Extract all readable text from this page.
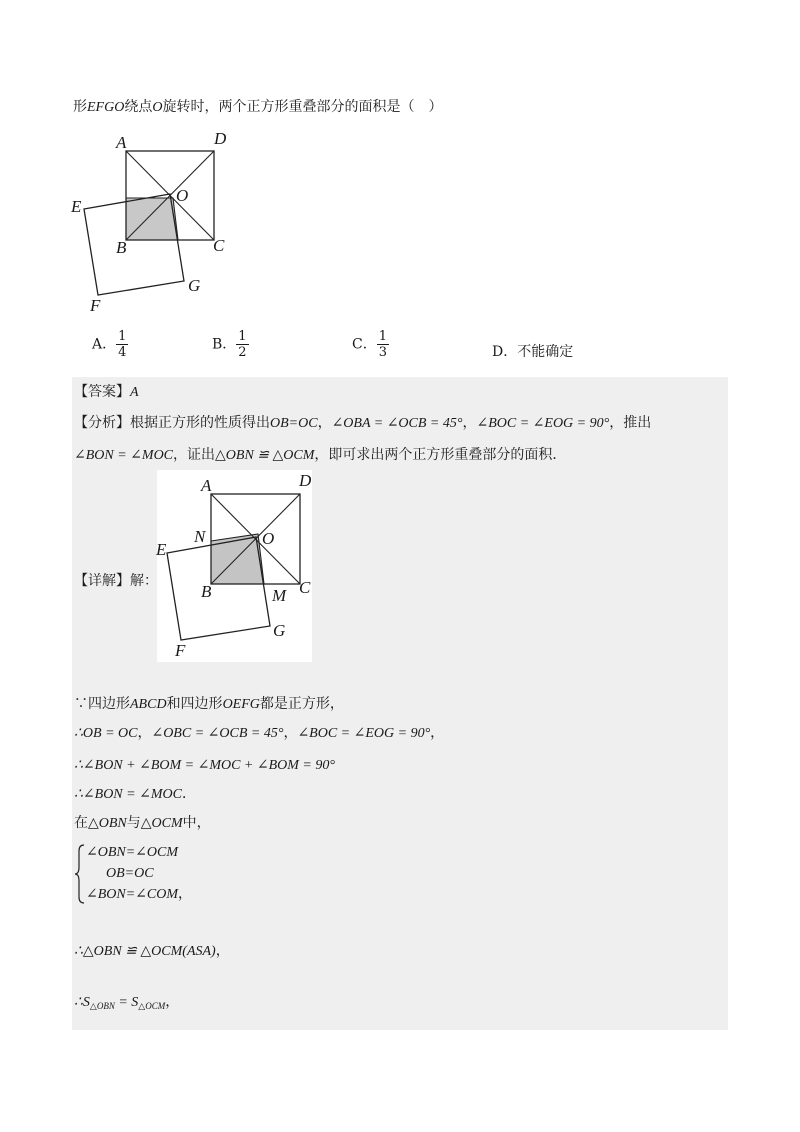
形EFGO绕点O旋转时，两个正方形重叠部分的面积是（　）
A	D
E
O
B	C
F
G
A． $\frac{1}{4}$	B． $\frac{1}{2}$	C． $\frac{1}{3}$	D．不能确定
【答案】A
【分析】根据正方形的性质得出OB=OC，∠OBA = ∠OCB = 45°，∠BOC = ∠EOG = 90°，推出
∠BON = ∠MOC，证出△OBN ≌ △OCM，即可求出两个正方形重叠部分的面积．
A	D
N	O
E
B	M C
G
F
【详解】解：
∵四边形ABCD和四边形OEFG都是正方形，
∴OB = OC，∠OBC = ∠OCB = 45°，∠BOC = ∠EOG = 90°，
∴∠BON + ∠BOM = ∠MOC + ∠BOM = 90°
∴∠BON = ∠MOC．
在△OBN与△OCM中，
∠OBN=∠OCM
OB=OC
∠BON=∠COM，
∴△OBN ≌ △OCM(ASA)，
$\therefore S_{\triangle OBN} = S_{\triangle OCM}$，
